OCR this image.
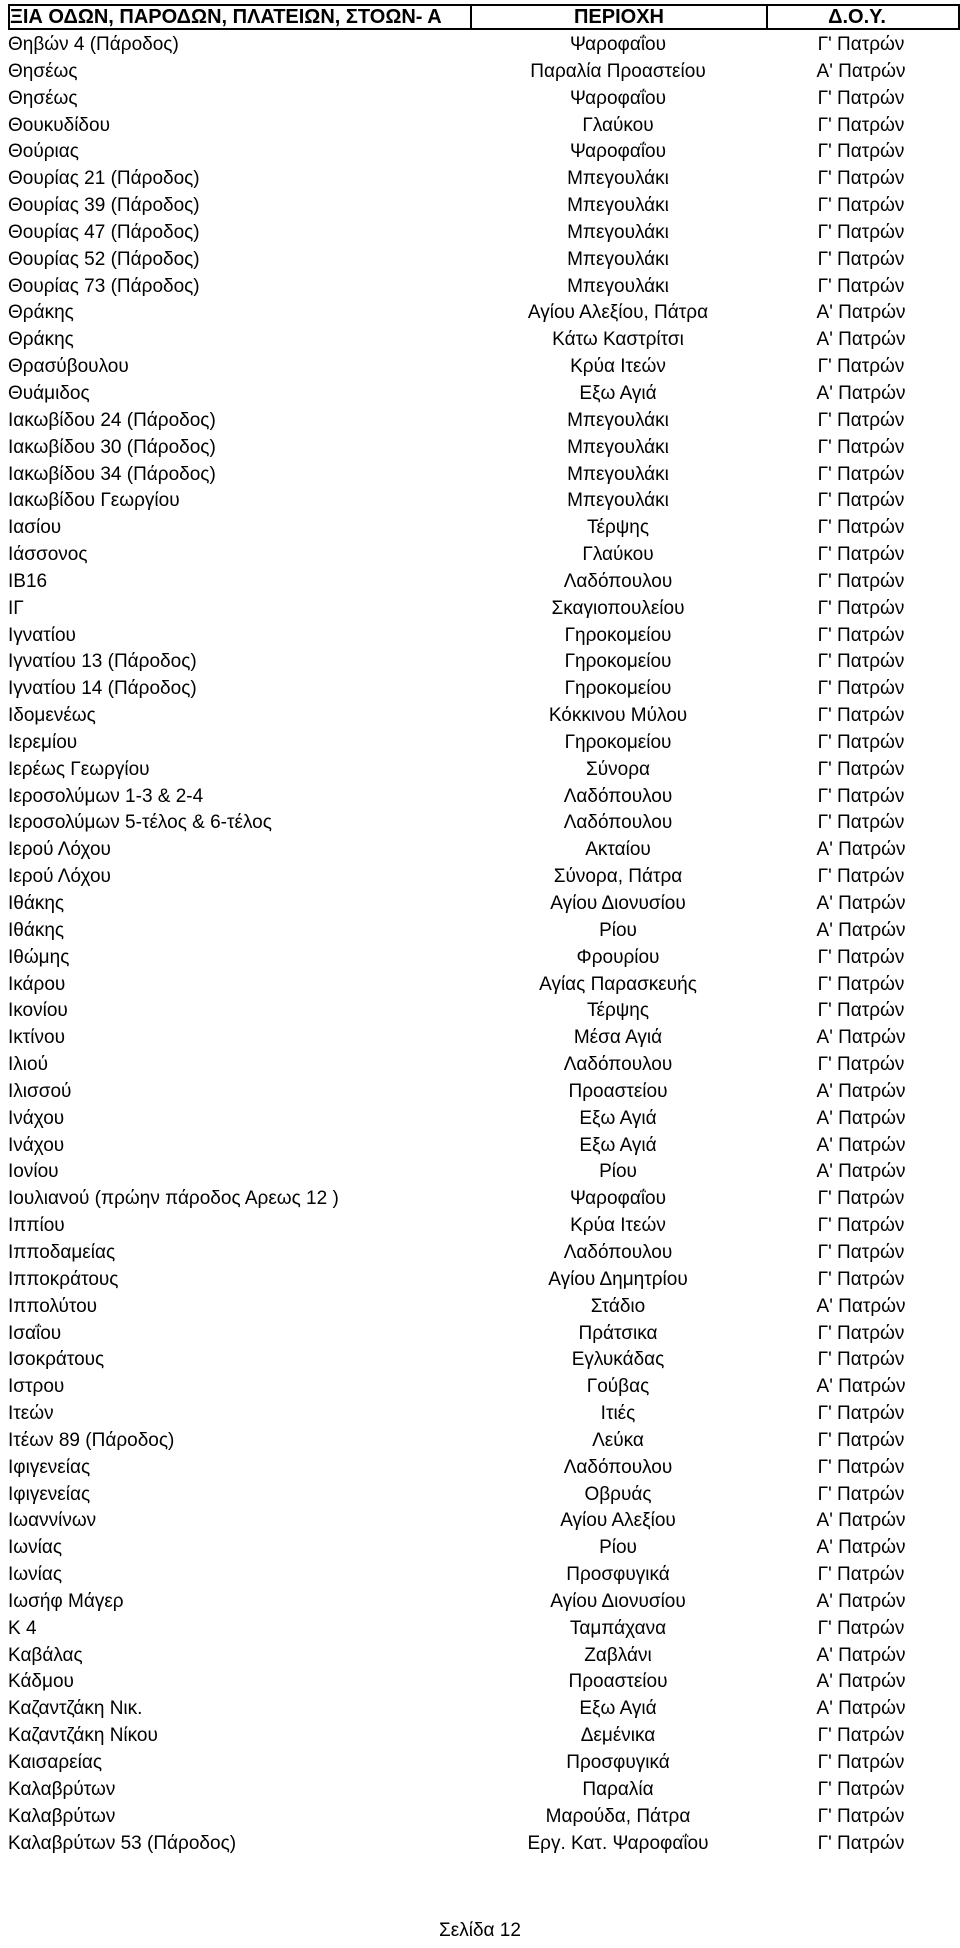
ΞΙΑ ΟΔΩΝ, ΠΑΡΟΔΩΝ, ΠΛΑΤΕΙΩΝ, ΣΤΟΩΝ- Α	ΠΕΡΙΟΧΗ	Δ.Ο.Υ.
Θηβών 4 (Πάροδος)	Ψαροφαΐου	Γ' Πατρών
Θησέως	Παραλία Προαστείου	Α' Πατρών
Θησέως	Ψαροφαΐου	Γ' Πατρών
Θουκυδίδου	Γλαύκου	Γ' Πατρών
Θούριας	Ψαροφαΐου	Γ' Πατρών
Θουρίας 21 (Πάροδος)	Μπεγουλάκι	Γ' Πατρών
Θουρίας 39 (Πάροδος)	Μπεγουλάκι	Γ' Πατρών
Θουρίας 47 (Πάροδος)	Μπεγουλάκι	Γ' Πατρών
Θουρίας 52 (Πάροδος)	Μπεγουλάκι	Γ' Πατρών
Θουρίας 73 (Πάροδος)	Μπεγουλάκι	Γ' Πατρών
Θράκης	Αγίου Αλεξίου, Πάτρα	Α' Πατρών
Θράκης	Κάτω Καστρίτσι	Α' Πατρών
Θρασύβουλου	Κρύα Ιτεών	Γ' Πατρών
Θυάμιδος	Εξω Αγιά	Α' Πατρών
Ιακωβίδου 24 (Πάροδος)	Μπεγουλάκι	Γ' Πατρών
Ιακωβίδου 30 (Πάροδος)	Μπεγουλάκι	Γ' Πατρών
Ιακωβίδου 34 (Πάροδος)	Μπεγουλάκι	Γ' Πατρών
Ιακωβίδου Γεωργίου	Μπεγουλάκι	Γ' Πατρών
Ιασίου	Τέρψης	Γ' Πατρών
Ιάσσονος	Γλαύκου	Γ' Πατρών
ΙΒ16	Λαδόπουλου	Γ' Πατρών
ΙΓ	Σκαγιοπουλείου	Γ' Πατρών
Ιγνατίου	Γηροκομείου	Γ' Πατρών
Ιγνατίου 13 (Πάροδος)	Γηροκομείου	Γ' Πατρών
Ιγνατίου 14 (Πάροδος)	Γηροκομείου	Γ' Πατρών
Ιδομενέως	Κόκκινου Μύλου	Γ' Πατρών
Ιερεμίου	Γηροκομείου	Γ' Πατρών
Ιερέως Γεωργίου	Σύνορα	Γ' Πατρών
Ιεροσολύμων 1-3 & 2-4	Λαδόπουλου	Γ' Πατρών
Ιεροσολύμων 5-τέλος & 6-τέλος	Λαδόπουλου	Γ' Πατρών
Ιερού Λόχου	Ακταίου	Α' Πατρών
Ιερού Λόχου	Σύνορα, Πάτρα	Γ' Πατρών
Ιθάκης	Αγίου Διονυσίου	Α' Πατρών
Ιθάκης	Ρίου	Α' Πατρών
Ιθώμης	Φρουρίου	Γ' Πατρών
Ικάρου	Αγίας Παρασκευής	Γ' Πατρών
Ικονίου	Τέρψης	Γ' Πατρών
Ικτίνου	Μέσα Αγιά	Α' Πατρών
Ιλιού	Λαδόπουλου	Γ' Πατρών
Ιλισσού	Προαστείου	Α' Πατρών
Ινάχου	Εξω Αγιά	Α' Πατρών
Ινάχου	Εξω Αγιά	Α' Πατρών
Ιονίου	Ρίου	Α' Πατρών
Ιουλιανού (πρώην πάροδος Αρεως 12 )	Ψαροφαΐου	Γ' Πατρών
Ιππίου	Κρύα Ιτεών	Γ' Πατρών
Ιπποδαμείας	Λαδόπουλου	Γ' Πατρών
Ιπποκράτους	Αγίου Δημητρίου	Γ' Πατρών
Ιππολύτου	Στάδιο	Α' Πατρών
Ισαΐου	Πράτσικα	Γ' Πατρών
Ισοκράτους	Εγλυκάδας	Γ' Πατρών
Ιστρου	Γούβας	Α' Πατρών
Ιτεών	Ιτιές	Γ' Πατρών
Ιτέων 89 (Πάροδος)	Λεύκα	Γ' Πατρών
Ιφιγενείας	Λαδόπουλου	Γ' Πατρών
Ιφιγενείας	Οβρυάς	Γ' Πατρών
Ιωαννίνων	Αγίου Αλεξίου	Α' Πατρών
Ιωνίας	Ρίου	Α' Πατρών
Ιωνίας	Προσφυγικά	Γ' Πατρών
Ιωσήφ Μάγερ	Αγίου Διονυσίου	Α' Πατρών
Κ 4	Ταμπάχανα	Γ' Πατρών
Καβάλας	Ζαβλάνι	Α' Πατρών
Κάδμου	Προαστείου	Α' Πατρών
Καζαντζάκη Νικ.	Εξω Αγιά	Α' Πατρών
Καζαντζάκη Νίκου	Δεμένικα	Γ' Πατρών
Καισαρείας	Προσφυγικά	Γ' Πατρών
Καλαβρύτων	Παραλία	Γ' Πατρών
Καλαβρύτων	Μαρούδα, Πάτρα	Γ' Πατρών
Καλαβρύτων 53 (Πάροδος)	Εργ. Κατ. Ψαροφαΐου	Γ' Πατρών
Σελίδα 12
